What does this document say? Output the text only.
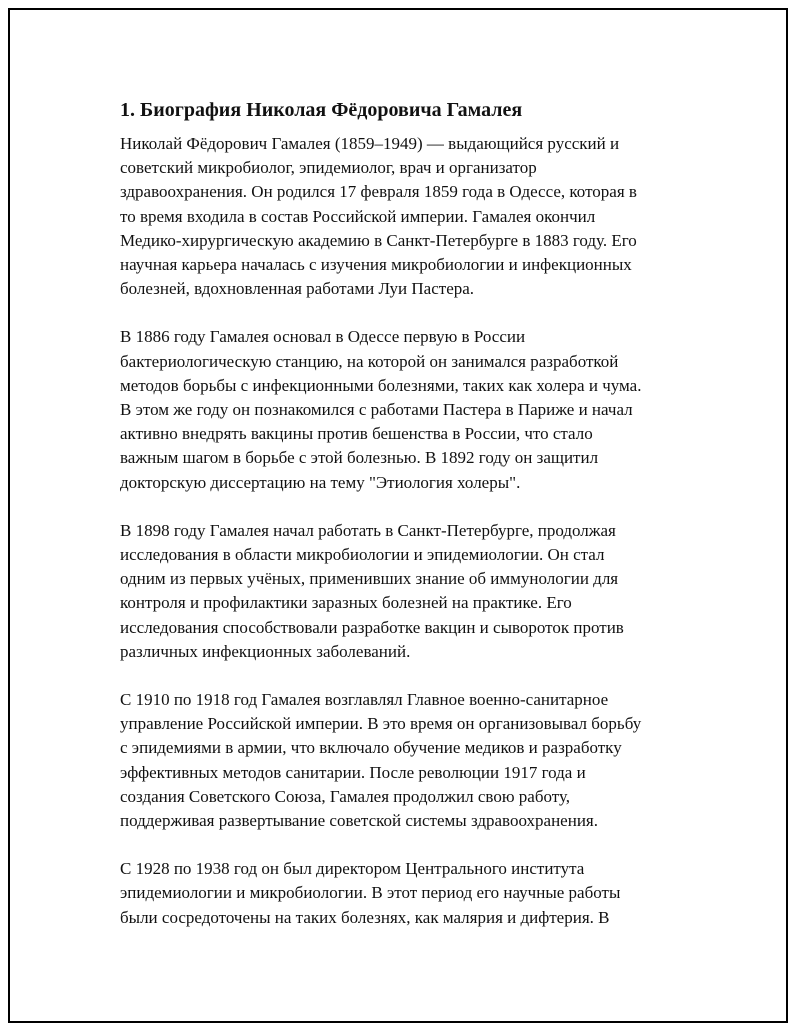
1. Биография Николая Фёдоровича Гамалея
Николай Фёдорович Гамалея (1859–1949) — выдающийся русский и
советский микробиолог, эпидемиолог, врач и организатор
здравоохранения. Он родился 17 февраля 1859 года в Одессе, которая в
то время входила в состав Российской империи. Гамалея окончил
Медико-хирургическую академию в Санкт-Петербурге в 1883 году. Его
научная карьера началась с изучения микробиологии и инфекционных
болезней, вдохновленная работами Луи Пастера.
В 1886 году Гамалея основал в Одессе первую в России
бактериологическую станцию, на которой он занимался разработкой
методов борьбы с инфекционными болезнями, таких как холера и чума.
В этом же году он познакомился с работами Пастера в Париже и начал
активно внедрять вакцины против бешенства в России, что стало
важным шагом в борьбе с этой болезнью. В 1892 году он защитил
докторскую диссертацию на тему "Этиология холеры".
В 1898 году Гамалея начал работать в Санкт-Петербурге, продолжая
исследования в области микробиологии и эпидемиологии. Он стал
одним из первых учёных, применивших знание об иммунологии для
контроля и профилактики заразных болезней на практике. Его
исследования способствовали разработке вакцин и сывороток против
различных инфекционных заболеваний.
С 1910 по 1918 год Гамалея возглавлял Главное военно-санитарное
управление Российской империи. В это время он организовывал борьбу
с эпидемиями в армии, что включало обучение медиков и разработку
эффективных методов санитарии. После революции 1917 года и
создания Советского Союза, Гамалея продолжил свою работу,
поддерживая развертывание советской системы здравоохранения.
С 1928 по 1938 год он был директором Центрального института
эпидемиологии и микробиологии. В этот период его научные работы
были сосредоточены на таких болезнях, как малярия и дифтерия. В
